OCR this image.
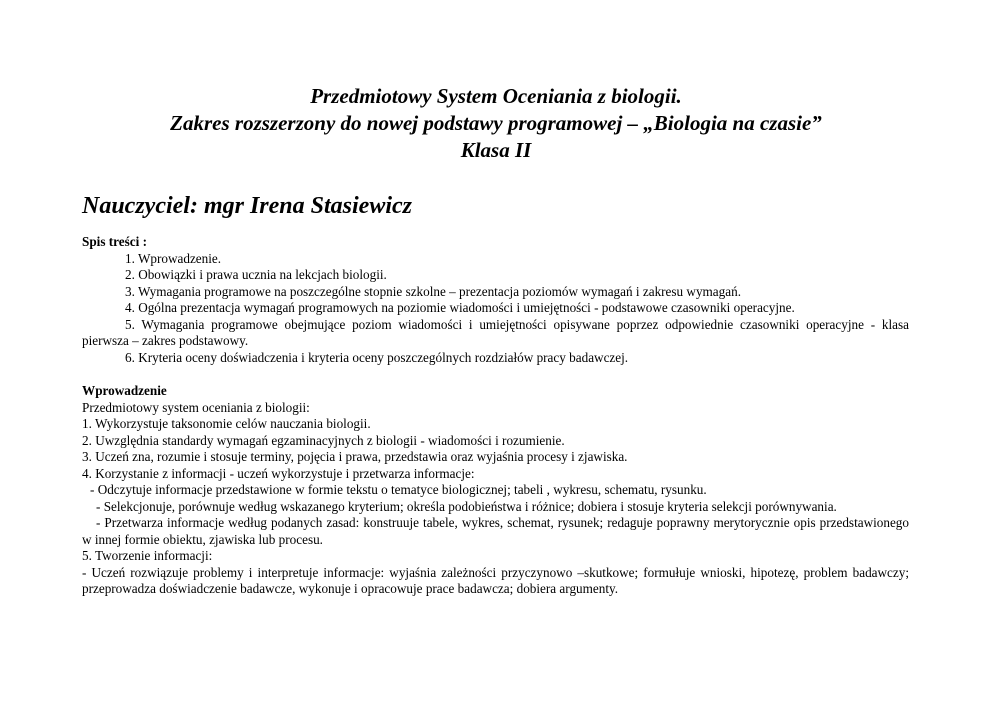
Przedmiotowy System Oceniania z biologii.
Zakres rozszerzony do nowej podstawy programowej – „Biologia na czasie”
Klasa II
Nauczyciel: mgr Irena Stasiewicz
Spis treści :
1. Wprowadzenie.
2. Obowiązki i prawa ucznia na lekcjach biologii.
3. Wymagania programowe na poszczególne stopnie szkolne – prezentacja poziomów wymagań i zakresu wymagań.
4. Ogólna prezentacja wymagań programowych na poziomie wiadomości i umiejętności - podstawowe czasowniki operacyjne.
5. Wymagania programowe obejmujące poziom wiadomości i umiejętności opisywane poprzez odpowiednie czasowniki operacyjne - klasa pierwsza – zakres podstawowy.
6. Kryteria oceny doświadczenia i kryteria oceny poszczególnych rozdziałów pracy badawczej.
Wprowadzenie
Przedmiotowy system oceniania z biologii:
1. Wykorzystuje taksonomie celów nauczania biologii.
2. Uwzględnia standardy wymagań egzaminacyjnych z biologii - wiadomości i rozumienie.
3. Uczeń zna, rozumie i stosuje terminy, pojęcia i prawa, przedstawia oraz wyjaśnia procesy i zjawiska.
4. Korzystanie z informacji - uczeń wykorzystuje i przetwarza informacje:
- Odczytuje informacje przedstawione w formie tekstu o tematyce biologicznej; tabeli , wykresu, schematu, rysunku.
- Selekcjonuje, porównuje według wskazanego kryterium; określa podobieństwa i różnice; dobiera i stosuje kryteria selekcji porównywania.
- Przetwarza informacje według podanych zasad: konstruuje tabele, wykres, schemat, rysunek; redaguje poprawny merytorycznie opis przedstawionego w innej formie obiektu, zjawiska lub procesu.
5. Tworzenie informacji:
- Uczeń rozwiązuje problemy i interpretuje informacje: wyjaśnia zależności przyczynowo –skutkowe; formułuje wnioski, hipotezę, problem badawczy; przeprowadza doświadczenie badawcze, wykonuje i opracowuje prace badawcza; dobiera argumenty.
